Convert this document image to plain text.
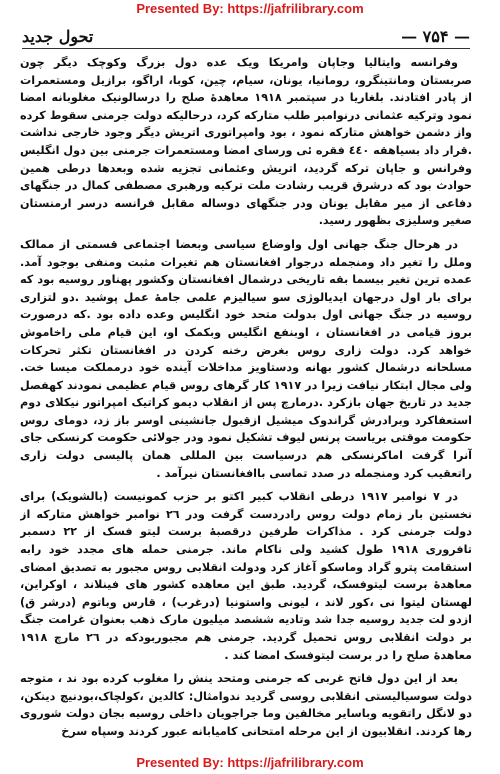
Presented By: https://jafrilibrary.com
تحول جدید	— ۷۵۴ —

وفرانسه وایتالیا وجاپان وامریکا ویک عده دول بزرگ وکوچک دیگر چون صربستان ومانتینگرو، رومانیا، یونان، سیام، چین، کوبا، اراگو، برازیل ومستعمرات از پادر افتادند. بلغاریا در سپتمبر ۱۹۱۸ معاهدۀ صلح را درسالونیک مغلوبانه امضا نمود وترکیه عثمانی درنوامبر طلب متارکه کرد، درحالیکه دولت جرمنی سقوط کرده واز دشمن خواهش متارکه نمود ، بود وامپراتوری اتریش دیگر وجود خارجی نداشت .قرار داد بسیاهقه ٤٤٠ فقره ئی ورسای امضا ومستعمرات جرمنی بین دول انگلیس وفرانس و جاپان ترکه گردید، اتریش وعثمانی تجزیه شده وبعدها درطی همین حوادث بود که درشرق قریب رشادت ملت ترکیه ورهبری مصطفی کمال در جنگهای دفاعی از میر مقابل یونان ودر جنگهای دوساله مقابل فرانسه درسر ارمنستان صغیر وسلیزی بظهور رسید.

در هرحال جنگ جهانی اول واوضاع سیاسی وبعضا اجتماعی قسمتی از ممالک وملل را تغیر داد ومنجمله درجوار افغانستان هم تغیرات مثبت ومنفی بوجود آمد. عمده ترین تغیر بیسما بقه تاریخی درشمال افغانستان وکشور پهناور روسیه بود که برای بار اول درجهان ایدیالوژی سو سیالیزم علمی جامۀ عمل پوشید .دو لتزاری روسیه در جنگ جهانی اول بدولت متحد خود انگلیس وعده داده بود .که درصورت بروز قیامی در افغانستان ، اوبنفع انگلیس وبکمک او، این قیام ملی راخاموش خواهد کرد. دولت زاری روس بغرض رخنه کردن در افغانستان تکثر تحرکات مسلحانه درشمال کشور بهانه ودستاویز مداخلات آینده خود درمملکت میسا خت. ولی مجال ابتکار نیافت زیرا در ۱۹۱۷ کار گرهای روس قیام عظیمی نمودند کهفصل جدید در تاریخ جهان بازکرد .درمارچ پس از انقلاب دیمو کراتیک امپراتور نیکلای دوم استعفاکرد وبرادرش گراندوک میشیل ازقبول جانشینی اوسر باز زد، دومای روس حکومت موقتی بریاست پرنس لیوف تشکیل نمود ودر جولائی حکومت کرنسکی جای آنرا گرفت اماکرنسکی هم درسیاست بین المللی همان پالیسی دولت زاری راتعقیب کرد ومنجمله در صدد تماسی باافغانستان نیرآمد .

در ۷ نوامبر ۱۹۱۷ درطی انقلاب کبیر اکتو بر حزب کمونیست (بالشویک) برای نخستین بار زمام دولت روس رادردست گرفت ودر ۲٦ نوامبر خواهش متارکه از دولت جرمنی کرد . مذاکرات طرفین درقصبۀ برست لیتو فسک از ۲۲ دسمبر تافروری ۱۹۱۸ طول کشید ولی ناکام ماند. جرمنی حمله های مجدد خود رابه استقامت پترو گراد وماسکو آغاز کرد ودولت انقلابی روس مجبور به تصدیق امضای معاهدۀ برست لیتوفسک، گردید. طبق این معاهده کشور های فینلاند ، اوکراین، لهستان لیتوا نی ،کور لاند ، لیونی واستونیا (درغرب) ، قارس وباتوم (درشر ق) ازدو لت جدید روسیه جدا شد وتادیه ششصد میلیون مارک ذهب بعنوان غرامت جنگ بر دولت انقلابی روس تحمیل گردید. جرمنی هم مجبوربودکه در ۲٦ مارچ ۱۹۱۸ معاهدۀ صلح را در برست لیتوفسک امضا کند .

بعد از این دول فاتح غربی که جرمنی ومتحد ینش را مغلوب کرده بود ند ، متوجه دولت سوسیالیستی انقلابی روسی گردید ندوامثال: کالدین ،کولچاک،بودنیچ دینکن، دو لانگل راتقویه وباسایر مخالفین وما جراجویان داخلی روسیه بجان دولت شوروی رها کردند. انقلابیون از این مرحله امتحانی کامیابانه عبور کردند وسپاه سرخ

Presented By: https://jafrilibrary.com
